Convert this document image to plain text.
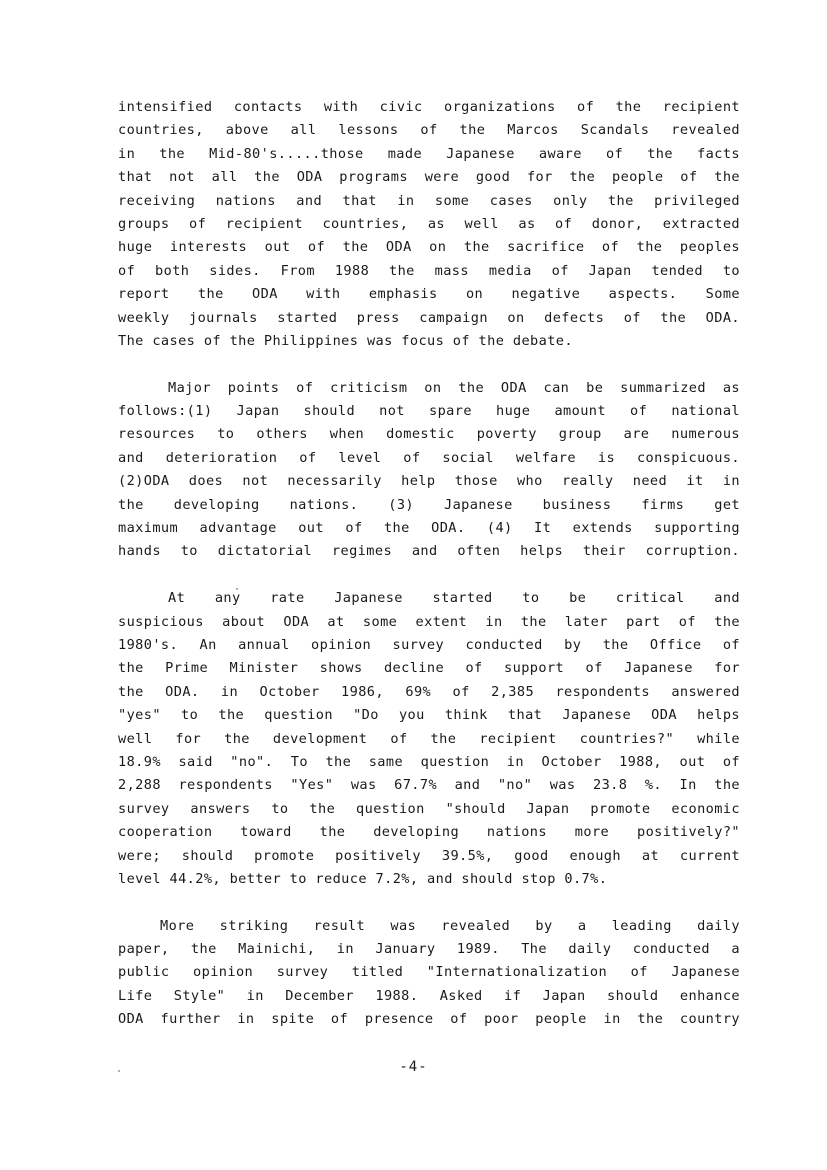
intensified contacts with civic organizations of the recipient
countries, above all lessons of the Marcos Scandals revealed
in the Mid-80's.....those made Japanese aware of the facts
that not all the ODA programs were good for the people of the
receiving nations and that in some cases only the privileged
groups of recipient countries, as well as of donor, extracted
huge interests out of the ODA on the sacrifice of the peoples
of both sides. From 1988 the mass media of Japan tended to
report the ODA with emphasis on negative aspects. Some
weekly journals started press campaign on defects of the ODA.
The cases of the Philippines was focus of the debate.
Major points of criticism on the ODA can be summarized as
follows:(1) Japan should not spare huge amount of national
resources to others when domestic poverty group are numerous
and deterioration of level of social welfare is conspicuous.
(2)ODA does not necessarily help those who really need it in
the developing nations. (3) Japanese business firms get
maximum advantage out of the ODA. (4) It extends supporting
hands to dictatorial regimes and often helps their corruption.
At any rate Japanese started to be critical and
suspicious about ODA at some extent in the later part of the
1980's. An annual opinion survey conducted by the Office of
the Prime Minister shows decline of support of Japanese for
the ODA. in October 1986, 69% of 2,385 respondents answered
"yes" to the question "Do you think that Japanese ODA helps
well for the development of the recipient countries?" while
18.9% said "no". To the same question in October 1988, out of
2,288 respondents "Yes" was 67.7% and "no" was 23.8 %. In the
survey answers to the question "should Japan promote economic
cooperation toward the developing nations more positively?"
were; should promote positively 39.5%, good enough at current
level 44.2%, better to reduce 7.2%, and should stop 0.7%.
More striking result was revealed by a leading daily
paper, the Mainichi, in January 1989. The daily conducted a
public opinion survey titled "Internationalization of Japanese
Life Style" in December 1988. Asked if Japan should enhance
ODA further in spite of presence of poor people in the country
-4-
